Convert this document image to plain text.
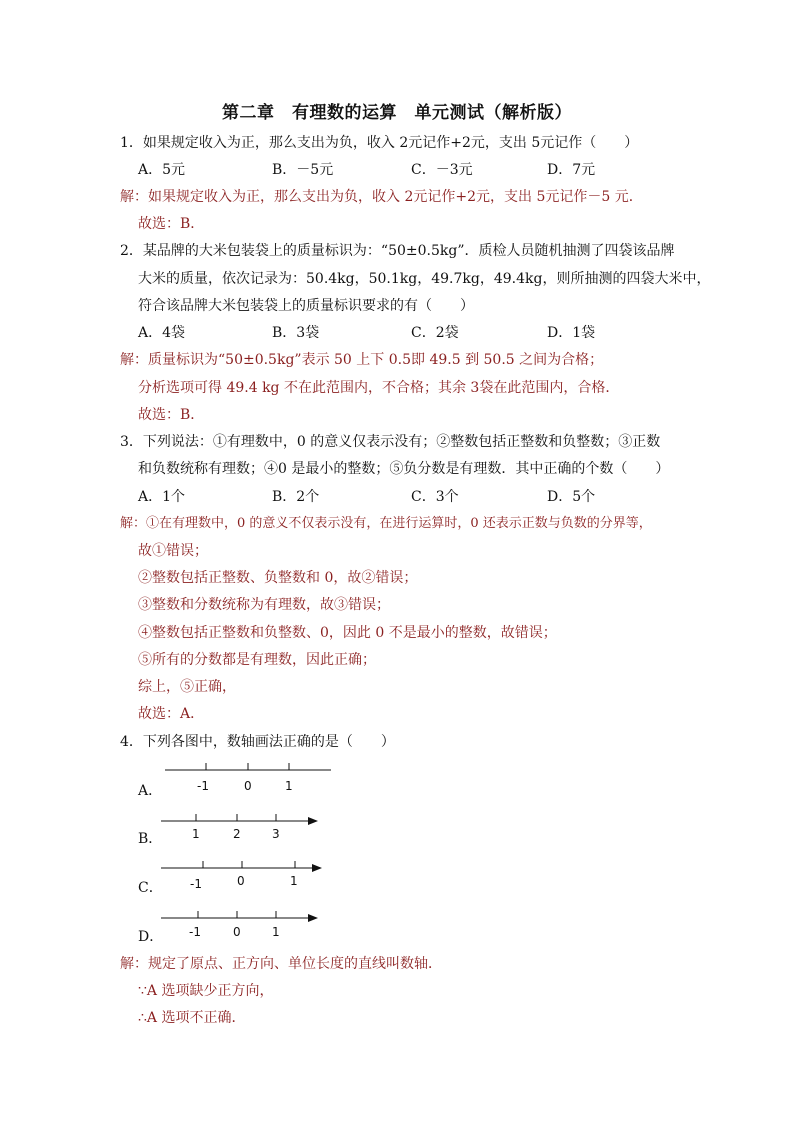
第二章　有理数的运算　单元测试（解析版）
1．如果规定收入为正，那么支出为负，收入 2元记作+2元，支出 5元记作（　　）
A．5元	B．－5元	C．－3元	D．7元
解：如果规定收入为正，那么支出为负，收入 2元记作+2元，支出 5元记作－5 元．
故选：B．
2．某品牌的大米包装袋上的质量标识为：“50±0.5kg”．质检人员随机抽测了四袋该品牌
大米的质量，依次记录为：50.4kg，50.1kg，49.7kg，49.4kg，则所抽测的四袋大米中，
符合该品牌大米包装袋上的质量标识要求的有（　　）
A．4袋	B．3袋	C．2袋	D．1袋
解：质量标识为“50±0.5kg”表示 50 上下 0.5即 49.5 到 50.5 之间为合格；
分析选项可得 49.4 kg 不在此范围内，不合格；其余 3袋在此范围内，合格．
故选：B．
3．下列说法：①有理数中，0 的意义仅表示没有；②整数包括正整数和负整数；③正数
和负数统称有理数；④0 是最小的整数；⑤负分数是有理数．其中正确的个数（　　）
A．1个	B．2个	C．3个	D．5个
解：①在有理数中，0 的意义不仅表示没有，在进行运算时，0 还表示正数与负数的分界等，
故①错误；
②整数包括正整数、负整数和 0，故②错误；
③整数和分数统称为有理数，故③错误；
④整数包括正整数和负整数、0，因此 0 不是最小的整数，故错误；
⑤所有的分数都是有理数，因此正确；
综上，⑤正确，
故选：A．
4．下列各图中，数轴画法正确的是（　　）
A．	-1	0	1
B． 1	2	3
C． -1	0	1
D． -1	0	1
解：规定了原点、正方向、单位长度的直线叫数轴．
∵A 选项缺少正方向，
∴A 选项不正确．
